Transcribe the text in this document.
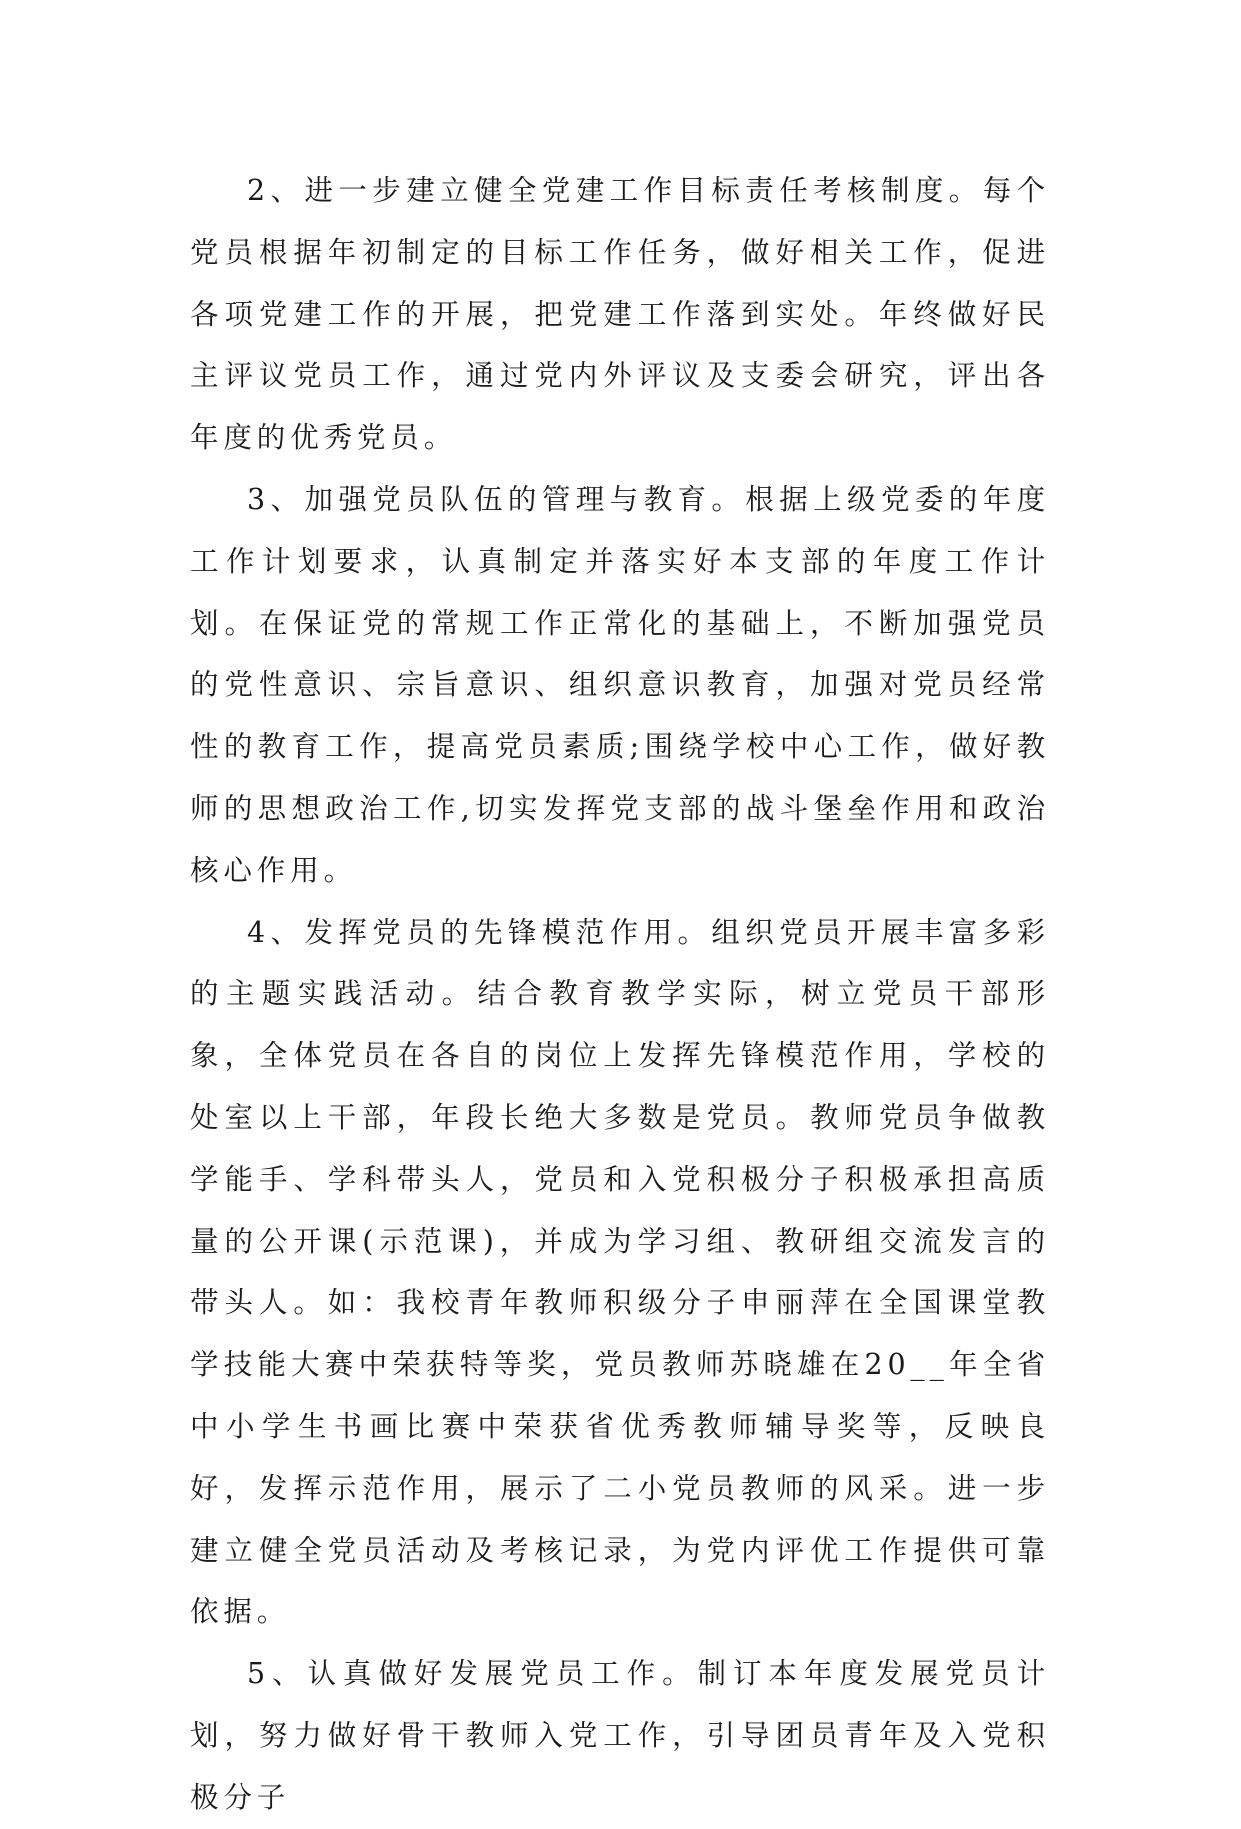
2、进一步建立健全党建工作目标责任考核制度。每个党员根据年初制定的目标工作任务，做好相关工作，促进各项党建工作的开展，把党建工作落到实处。年终做好民主评议党员工作，通过党内外评议及支委会研究，评出各年度的优秀党员。

3、加强党员队伍的管理与教育。根据上级党委的年度工作计划要求，认真制定并落实好本支部的年度工作计划。在保证党的常规工作正常化的基础上，不断加强党员的党性意识、宗旨意识、组织意识教育，加强对党员经常性的教育工作，提高党员素质;围绕学校中心工作，做好教师的思想政治工作,切实发挥党支部的战斗堡垒作用和政治核心作用。

4、发挥党员的先锋模范作用。组织党员开展丰富多彩的主题实践活动。结合教育教学实际，树立党员干部形象，全体党员在各自的岗位上发挥先锋模范作用，学校的处室以上干部，年段长绝大多数是党员。教师党员争做教学能手、学科带头人，党员和入党积极分子积极承担高质量的公开课(示范课)，并成为学习组、教研组交流发言的带头人。如：我校青年教师积级分子申丽萍在全国课堂教学技能大赛中荣获特等奖，党员教师苏晓雄在20__年全省中小学生书画比赛中荣获省优秀教师辅导奖等，反映良好，发挥示范作用，展示了二小党员教师的风采。进一步建立健全党员活动及考核记录，为党内评优工作提供可靠依据。

5、认真做好发展党员工作。制订本年度发展党员计划，努力做好骨干教师入党工作，引导团员青年及入党积极分子
